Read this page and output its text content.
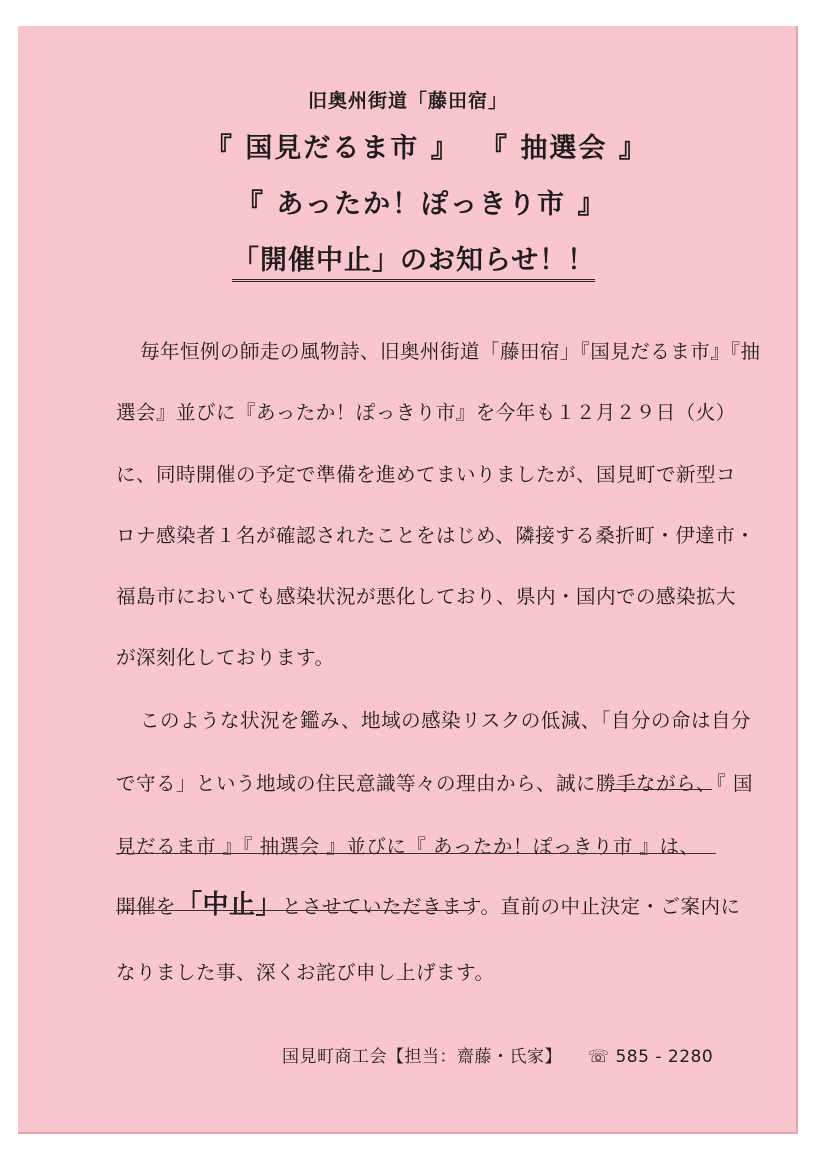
旧奥州街道「藤田宿」
『 国見だるま市 』 『 抽選会 』
『 あったか！ぽっきり市 』
「開催中止」のお知らせ！！
毎年恒例の師走の風物詩、旧奥州街道「藤田宿」『国見だるま市』『抽
選会』並びに『あったか！ぽっきり市』を今年も１２月２９日（火）
に、同時開催の予定で準備を進めてまいりましたが、国見町で新型コ
ロナ感染者１名が確認されたことをはじめ、隣接する桑折町・伊達市・
福島市においても感染状況が悪化しており、県内・国内での感染拡大
が深刻化しております。
このような状況を鑑み、地域の感染リスクの低減、「自分の命は自分
で守る」という地域の住民意識等々の理由から、誠に勝手ながら、『 国
見だるま市 』『 抽選会 』並びに『 あったか！ぽっきり市 』は、
開催を「中止」とさせていただきます。直前の中止決定・ご案内に
なりました事、深くお詫び申し上げます。
国見町商工会【担当：齋藤・氏家】 ☏ 585 - 2280
